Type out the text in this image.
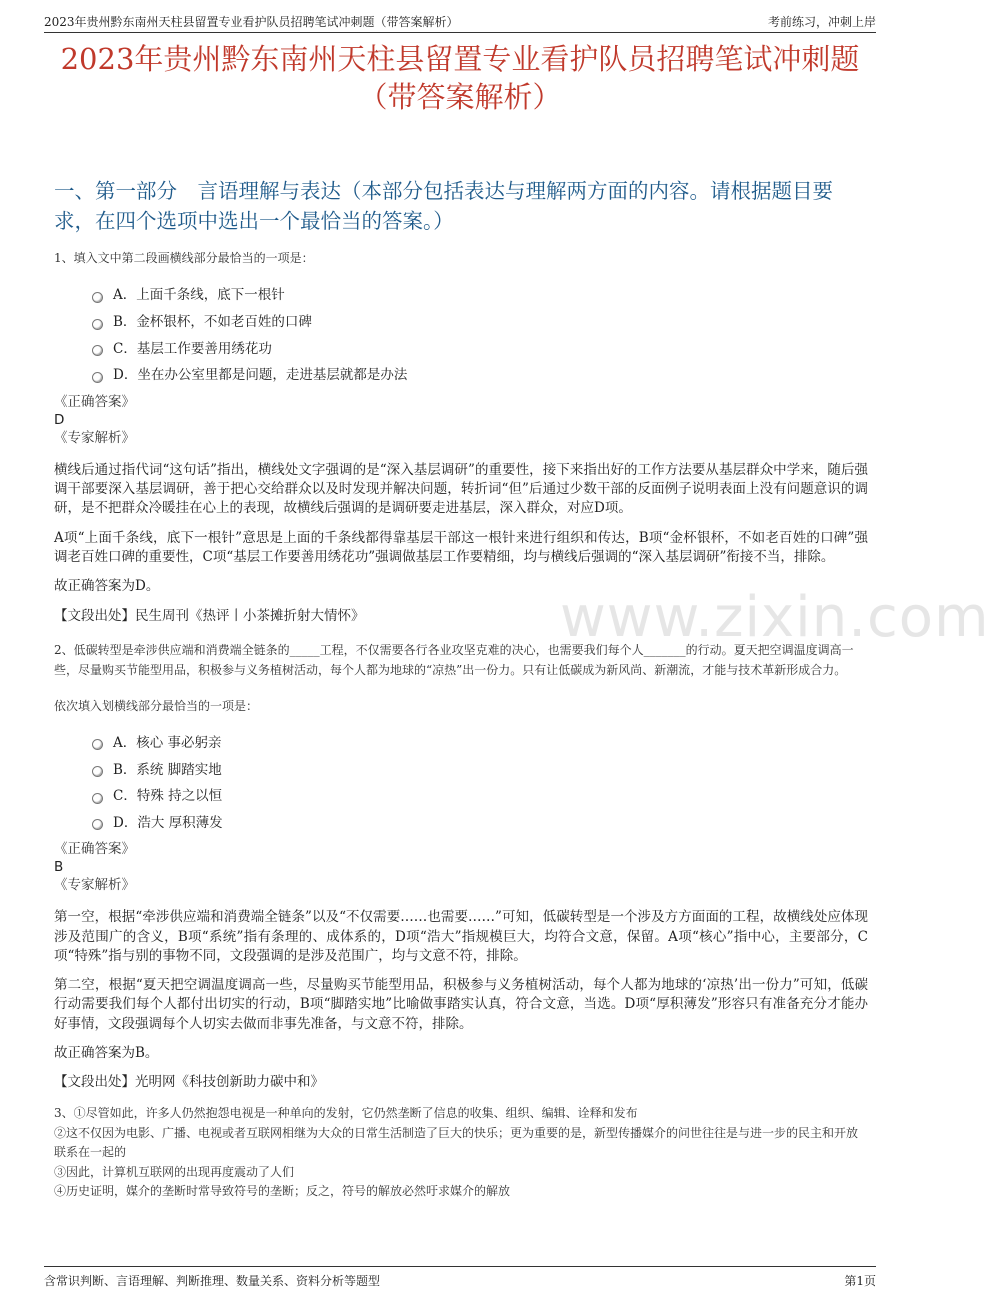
2023年贵州黔东南州天柱县留置专业看护队员招聘笔试冲刺题（带答案解析）	考前练习，冲刺上岸
2023年贵州黔东南州天柱县留置专业看护队员招聘笔试冲刺题
（带答案解析）
一、第一部分　言语理解与表达（本部分包括表达与理解两方面的内容。请根据题目要求，在四个选项中选出一个最恰当的答案。）
www.zixin.com

1、填入文中第二段画横线部分最恰当的一项是：

A．上面千条线，底下一根针
B．金杯银杯，不如老百姓的口碑
C．基层工作要善用绣花功
D．坐在办公室里都是问题，走进基层就都是办法
《正确答案》
D
《专家解析》

横线后通过指代词“这句话”指出，横线处文字强调的是“深入基层调研”的重要性，接下来指出好的工作方法要从基层群众中学来，随后强调干部要深入基层调研，善于把心交给群众以及时发现并解决问题，转折词“但”后通过少数干部的反面例子说明表面上没有问题意识的调研，是不把群众冷暖挂在心上的表现，故横线后强调的是调研要走进基层，深入群众，对应D项。

A项“上面千条线，底下一根针”意思是上面的千条线都得靠基层干部这一根针来进行组织和传达，B项“金杯银杯，不如老百姓的口碑”强调老百姓口碑的重要性，C项“基层工作要善用绣花功”强调做基层工作要精细，均与横线后强调的“深入基层调研”衔接不当，排除。

故正确答案为D。

【文段出处】民生周刊《热评丨小茶摊折射大情怀》

2、低碳转型是牵涉供应端和消费端全链条的_____工程，不仅需要各行各业攻坚克难的决心，也需要我们每个人_______的行动。夏天把空调温度调高一些，尽量购买节能型用品，积极参与义务植树活动，每个人都为地球的“凉热”出一份力。只有让低碳成为新风尚、新潮流，才能与技术革新形成合力。

依次填入划横线部分最恰当的一项是：

A．核心 事必躬亲
B．系统 脚踏实地
C．特殊 持之以恒
D．浩大 厚积薄发
《正确答案》
B
《专家解析》

第一空，根据“牵涉供应端和消费端全链条”以及“不仅需要……也需要……”可知，低碳转型是一个涉及方方面面的工程，故横线处应体现涉及范围广的含义，B项“系统”指有条理的、成体系的，D项“浩大”指规模巨大，均符合文意，保留。A项“核心”指中心，主要部分，C项“特殊”指与别的事物不同，文段强调的是涉及范围广，均与文意不符，排除。

第二空，根据“夏天把空调温度调高一些，尽量购买节能型用品，积极参与义务植树活动，每个人都为地球的‘凉热’出一份力”可知，低碳行动需要我们每个人都付出切实的行动，B项“脚踏实地”比喻做事踏实认真，符合文意，当选。D项“厚积薄发”形容只有准备充分才能办好事情，文段强调每个人切实去做而非事先准备，与文意不符，排除。

故正确答案为B。

【文段出处】光明网《科技创新助力碳中和》

3、①尽管如此，许多人仍然抱怨电视是一种单向的发射，它仍然垄断了信息的收集、组织、编辑、诠释和发布
②这不仅因为电影、广播、电视或者互联网相继为大众的日常生活制造了巨大的快乐；更为重要的是，新型传播媒介的问世往往是与进一步的民主和开放联系在一起的
③因此，计算机互联网的出现再度震动了人们
④历史证明，媒介的垄断时常导致符号的垄断；反之，符号的解放必然吁求媒介的解放
含常识判断、言语理解、判断推理、数量关系、资料分析等题型	第1页
